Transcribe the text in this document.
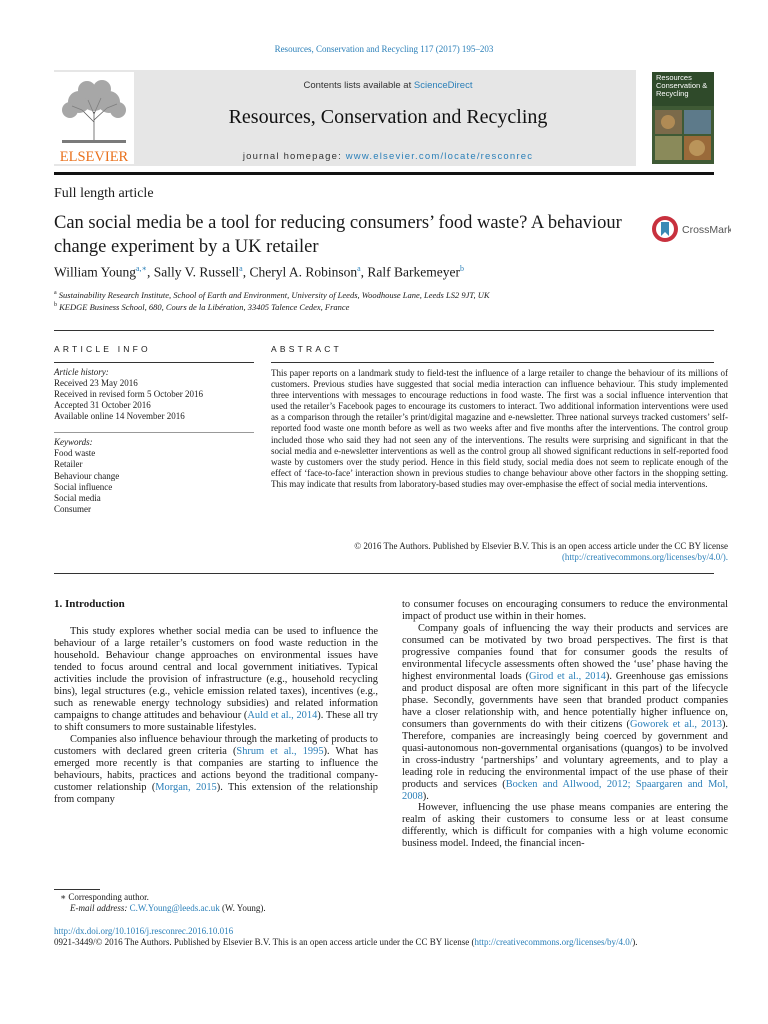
Resources, Conservation and Recycling 117 (2017) 195–203
ELSEVIER
Contents lists available at ScienceDirect
Resources, Conservation and Recycling
journal homepage: www.elsevier.com/locate/resconrec
Resources
Conservation &
Recycling
Full length article
Can social media be a tool for reducing consumers’ food waste? A behaviour change experiment by a UK retailer
CrossMark
William Young$^{a,∗}$, Sally V. Russell$^a$, Cheryl A. Robinson$^a$, Ralf Barkemeyer$^b$
$^a$ Sustainability Research Institute, School of Earth and Environment, University of Leeds, Woodhouse Lane, Leeds LS2 9JT, UK
$^b$ KEDGE Business School, 680, Cours de la Libération, 33405 Talence Cedex, France
ARTICLE INFO	ABSTRACT
Article history:
Received 23 May 2016
Received in revised form 5 October 2016
Accepted 31 October 2016
Available online 14 November 2016
Keywords:
Food waste
Retailer
Behaviour change
Social influence
Social media
Consumer
This paper reports on a landmark study to field-test the influence of a large retailer to change the behaviour of its millions of customers. Previous studies have suggested that social media interaction can influence behaviour. This study implemented three interventions with messages to encourage reductions in food waste. The first was a social influence intervention that used the retailer’s Facebook pages to encourage its customers to interact. Two additional information interventions were used as a comparison through the retailer’s print/digital magazine and e-newsletter. Three national surveys tracked customers’ self-reported food waste one month before as well as two weeks after and five months after the interventions. The control group included those who said they had not seen any of the interventions. The results were surprising and significant in that the social media and e-newsletter interventions as well as the control group all showed significant reductions in self-reported food waste by customers over the study period. Hence in this field study, social media does not seem to replicate enough of the effect of ‘face-to-face’ interaction shown in previous studies to change behaviour above other factors in the shopping setting. This may indicate that results from laboratory-based studies may over-emphasise the effect of social media interventions.
© 2016 The Authors. Published by Elsevier B.V. This is an open access article under the CC BY license
(http://creativecommons.org/licenses/by/4.0/).
1. Introduction

This study explores whether social media can be used to influence the behaviour of a large retailer’s customers on food waste reduction in the household. Behaviour change approaches on environmental issues have tended to focus around central and local government initiatives. Typical activities include the provision of infrastructure (e.g., household recycling bins), legal structures (e.g., vehicle emission related taxes), incentives (e.g., such as renewable energy technology subsidies) and related information campaigns to change attitudes and behaviour (Auld et al., 2014). These all try to shift consumers to more sustainable lifestyles.

Companies also influence behaviour through the marketing of products to customers with declared green criteria (Shrum et al., 1995). What has emerged more recently is that companies are starting to influence the behaviours, habits, practices and actions beyond the traditional company-customer relationship (Morgan, 2015). This extension of the relationship from company

to consumer focuses on encouraging consumers to reduce the environmental impact of product use within in their homes.

Company goals of influencing the way their products and services are consumed can be motivated by two broad perspectives. The first is that progressive companies found that for consumer goods the results of environmental lifecycle assessments often showed the ‘use’ phase having the highest environmental loads (Girod et al., 2014). Greenhouse gas emissions and product disposal are often more significant in this part of the lifecycle phase. Secondly, governments have seen that branded product companies have a closer relationship with, and hence potentially higher influence on, consumers than governments do with their citizens (Goworek et al., 2013). Therefore, companies are increasingly being coerced by government and quasi-autonomous non-governmental organisations (quangos) to be involved in cross-industry ‘partnerships’ and voluntary agreements, and to play a leading role in reducing the environmental impact of the use phase of their products and services (Bocken and Allwood, 2012; Spaargaren and Mol, 2008).

However, influencing the use phase means companies are entering the realm of asking their customers to consume less or at least consume differently, which is difficult for companies with a high volume economic business model. Indeed, the financial incen-

∗ Corresponding author.
E-mail address: C.W.Young@leeds.ac.uk (W. Young).
http://dx.doi.org/10.1016/j.resconrec.2016.10.016
0921-3449/© 2016 The Authors. Published by Elsevier B.V. This is an open access article under the CC BY license (http://creativecommons.org/licenses/by/4.0/).
